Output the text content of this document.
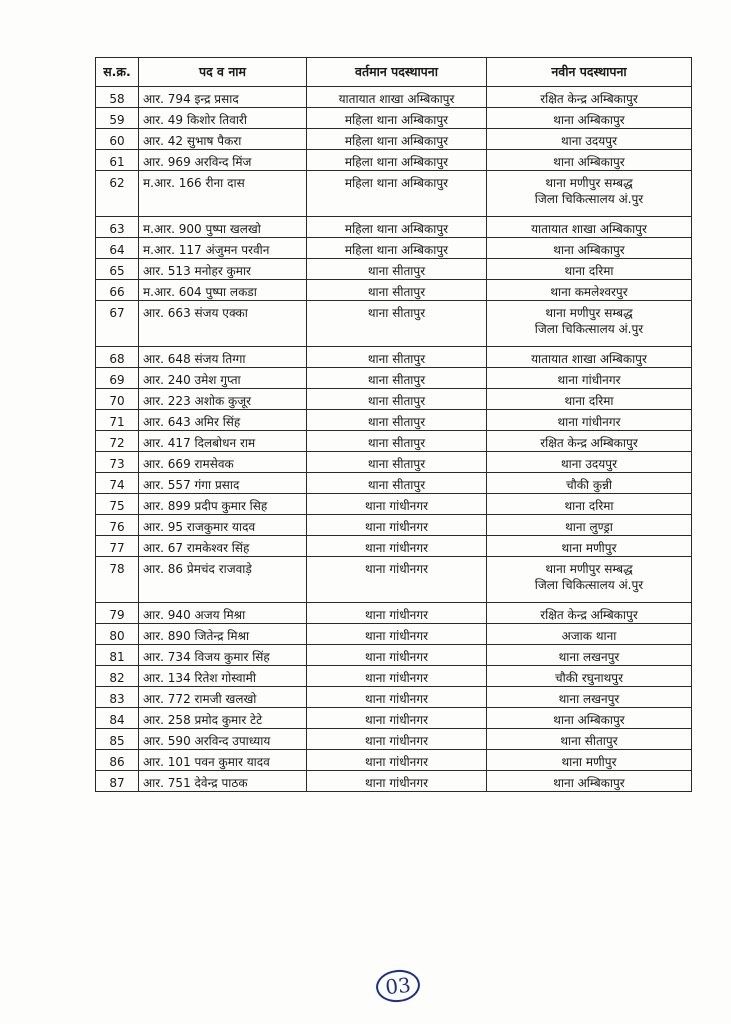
स.क्र.	पद व नाम	वर्तमान पदस्थापना	नवीन पदस्थापना
58	आर. 794 इन्द्र प्रसाद	यातायात शाखा अम्बिकापुर	रक्षित केन्द्र अम्बिकापुर

59	आर. 49 किशोर तिवारी	महिला थाना अम्बिकापुर	थाना अम्बिकापुर

60	आर. 42 सुभाष पैकरा	महिला थाना अम्बिकापुर	थाना उदयपुर

61	आर. 969 अरविन्द मिंज	महिला थाना अम्बिकापुर	थाना अम्बिकापुर

62	म.आर. 166 रीना दास	महिला थाना अम्बिकापुर	थाना मणीपुर सम्बद्ध
जिला चिकित्सालय अं.पुर

63	म.आर. 900 पुष्पा खलखो	महिला थाना अम्बिकापुर	यातायात शाखा अम्बिकापुर

64	म.आर. 117 अंजुमन परवीन	महिला थाना अम्बिकापुर	थाना अम्बिकापुर

65	आर. 513 मनोहर कुमार	थाना सीतापुर	थाना दरिमा

66	म.आर. 604 पुष्पा लकडा	थाना सीतापुर	थाना कमलेश्वरपुर

67	आर. 663 संजय एक्का	थाना सीतापुर	थाना मणीपुर सम्बद्ध
जिला चिकित्सालय अं.पुर

68	आर. 648 संजय तिग्गा	थाना सीतापुर	यातायात शाखा अम्बिकापुर

69	आर. 240 उमेश गुप्ता	थाना सीतापुर	थाना गांधीनगर

70	आर. 223 अशोक कुजूर	थाना सीतापुर	थाना दरिमा

71	आर. 643 अमिर सिंह	थाना सीतापुर	थाना गांधीनगर

72	आर. 417 दिलबोधन राम	थाना सीतापुर	रक्षित केन्द्र अम्बिकापुर

73	आर. 669 रामसेवक	थाना सीतापुर	थाना उदयपुर

74	आर. 557 गंगा प्रसाद	थाना सीतापुर	चौकी कुन्नी

75	आर. 899 प्रदीप कुमार सिह	थाना गांधीनगर	थाना दरिमा

76	आर. 95 राजकुमार यादव	थाना गांधीनगर	थाना लुण्ड्रा

77	आर. 67 रामकेश्वर सिंह	थाना गांधीनगर	थाना मणीपुर

78	आर. 86 प्रेमचंद राजवाड़े	थाना गांधीनगर	थाना मणीपुर सम्बद्ध
जिला चिकित्सालय अं.पुर

79	आर. 940 अजय मिश्रा	थाना गांधीनगर	रक्षित केन्द्र अम्बिकापुर

80	आर. 890 जितेन्द्र मिश्रा	थाना गांधीनगर	अजाक थाना

81	आर. 734 विजय कुमार सिंह	थाना गांधीनगर	थाना लखनपुर

82	आर. 134 रितेश गोस्वामी	थाना गांधीनगर	चौकी रघुनाथपुर

83	आर. 772 रामजी खलखो	थाना गांधीनगर	थाना लखनपुर

84	आर. 258 प्रमोद कुमार टेटे	थाना गांधीनगर	थाना अम्बिकापुर

85	आर. 590 अरविन्द उपाध्याय	थाना गांधीनगर	थाना सीतापुर

86	आर. 101 पवन कुमार यादव	थाना गांधीनगर	थाना मणीपुर

87	आर. 751 देवेन्द्र पाठक	थाना गांधीनगर	थाना अम्बिकापुर
03
